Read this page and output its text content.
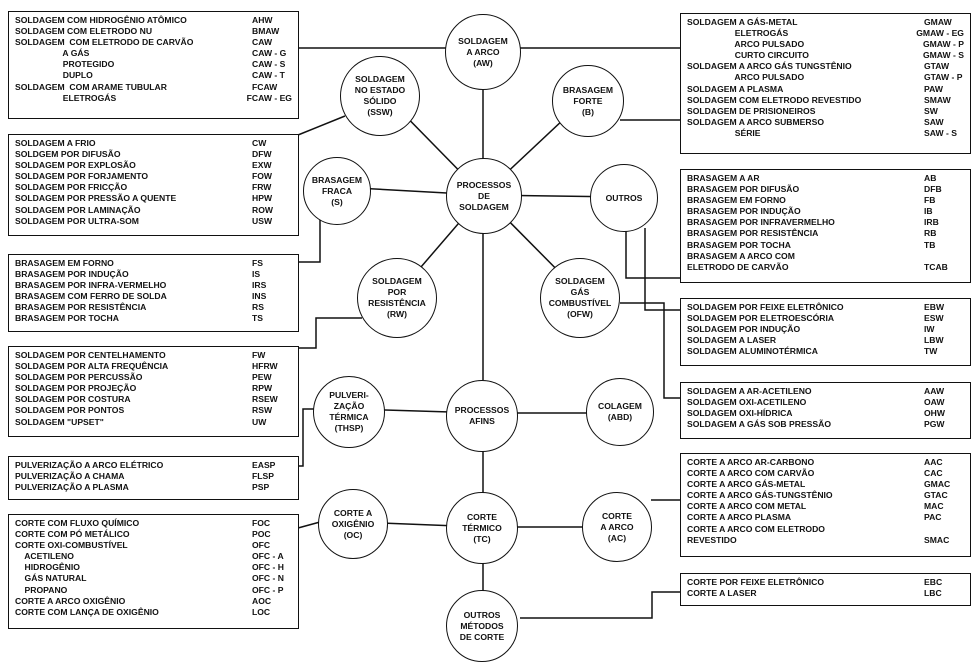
SOLDAGEM COM HIDROGÊNIO ATÔMICO	AHW
SOLDAGEM COM ELETRODO NU	BMAW
SOLDAGEM  COM ELETRODO DE CARVÃO	CAW
A GÁS	CAW - G
PROTEGIDO	CAW - S
DUPLO	CAW - T
SOLDAGEM  COM ARAME TUBULAR	FCAW
ELETROGÁS	FCAW - EG
SOLDAGEM A GÁS-METAL	GMAW
ELETROGÁS	GMAW - EG
ARCO PULSADO	GMAW - P
CURTO CIRCUITO	GMAW - S
SOLDAGEM A ARCO GÁS TUNGSTÊNIO	GTAW
ARCO PULSADO	GTAW - P
SOLDAGEM A PLASMA	PAW
SOLDAGEM COM ELETRODO REVESTIDO	SMAW
SOLDAGEM DE PRISIONEIROS	SW
SOLDAGEM A ARCO SUBMERSO	SAW
SÉRIE	SAW - S
SOLDAGEM A FRIO	CW
SOLDGEM POR DIFUSÃO	DFW
SOLDAGEM POR EXPLOSÃO	EXW
SOLDAGEM POR FORJAMENTO	FOW
SOLDAGEM POR FRICÇÃO	FRW
SOLDAGEM POR PRESSÃO A QUENTE	HPW
SOLDAGEM POR LAMINAÇÃO	ROW
SOLDAGEM POR ULTRA-SOM	USW
BRASAGEM A AR	AB
BRASAGEM POR DIFUSÃO	DFB
BRASAGEM EM FORNO	FB
BRASAGEM POR INDUÇÃO	IB
BRASAGEM POR INFRAVERMELHO	IRB
BRASAGEM POR RESISTÊNCIA	RB
BRASAGEM POR TOCHA	TB
BRASAGEM A ARCO COM
ELETRODO DE CARVÃO	TCAB
BRASAGEM EM FORNO	FS
BRASAGEM POR INDUÇÃO	IS
BRASAGEM POR INFRA-VERMELHO	IRS
BRASAGEM COM FERRO DE SOLDA	INS
BRASAGEM POR RESISTÊNCIA	RS
BRASAGEM POR TOCHA	TS
SOLDAGEM POR FEIXE ELETRÔNICO	EBW
SOLDAGEM POR ELETROESCÓRIA	ESW
SOLDAGEM POR INDUÇÃO	IW
SOLDAGEM A LASER	LBW
SOLDAGEM ALUMINOTÉRMICA	TW
SOLDAGEM POR CENTELHAMENTO	FW
SOLDAGEM POR ALTA FREQUÊNCIA	HFRW
SOLDAGEM POR PERCUSSÃO	PEW
SOLDAGEM POR PROJEÇÃO	RPW
SOLDAGEM POR COSTURA	RSEW
SOLDAGEM POR PONTOS	RSW
SOLDAGEM "UPSET"	UW
SOLDAGEM A AR-ACETILENO	AAW
SOLDAGEM OXI-ACETILENO	OAW
SOLDAGEM OXI-HÍDRICA	OHW
SOLDAGEM A GÁS SOB PRESSÃO	PGW
PULVERIZAÇÃO A ARCO ELÉTRICO	EASP
PULVERIZAÇÃO A CHAMA	FLSP
PULVERIZAÇÃO A PLASMA	PSP
CORTE A ARCO AR-CARBONO	AAC
CORTE A ARCO COM CARVÃO	CAC
CORTE A ARCO GÁS-METAL	GMAC
CORTE A ARCO GÁS-TUNGSTÊNIO	GTAC
CORTE A ARCO COM METAL	MAC
CORTE A ARCO PLASMA	PAC
CORTE A ARCO COM ELETRODO
REVESTIDO	SMAC
CORTE COM FLUXO QUÍMICO	FOC
CORTE COM PÓ METÁLICO	POC
CORTE OXI-COMBUSTÍVEL	OFC
ACETILENO	OFC - A
HIDROGÊNIO	OFC - H
GÁS NATURAL	OFC - N
PROPANO	OFC - P
CORTE A ARCO OXIGÊNIO	AOC
CORTE COM LANÇA DE OXIGÊNIO	LOC
CORTE POR FEIXE ELETRÔNICO	EBC
CORTE A LASER	LBC
SOLDAGEM
A ARCO
(AW)
SOLDAGEM
NO ESTADO
SÓLIDO
(SSW)
BRASAGEM
FORTE
(B)
BRASAGEM
FRACA
(S)
PROCESSOS
DE
SOLDAGEM
OUTROS
SOLDAGEM
POR
RESISTÊNCIA
(RW)
SOLDAGEM
GÁS
COMBUSTÍVEL
(OFW)
PULVERI-
ZAÇÃO
TÉRMICA
(THSP)
PROCESSOS
AFINS
COLAGEM
(ABD)
CORTE A
OXIGÊNIO
(OC)
CORTE
TÉRMICO
(TC)
CORTE
A ARCO
(AC)
OUTROS
MÉTODOS
DE CORTE
